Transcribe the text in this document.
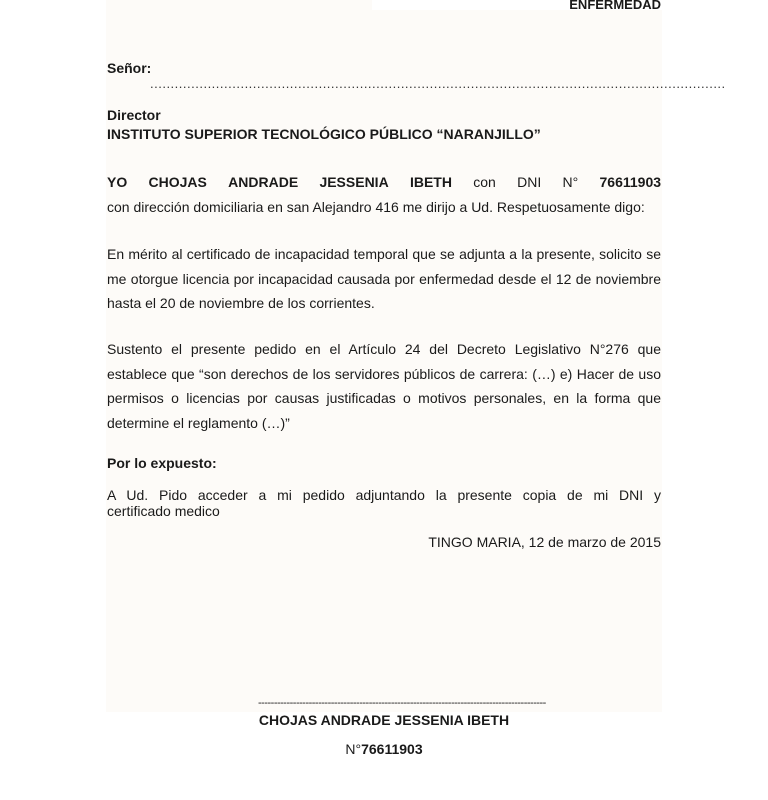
ENFERMEDAD
Señor:
............................................................................................................................................
Director
INSTITUTO SUPERIOR TECNOLÓGICO PÚBLICO “NARANJILLO”
YO CHOJAS ANDRADE JESSENIA IBETH con DNI N° 76611903
con dirección domiciliaria en san Alejandro 416 me dirijo a Ud. Respetuosamente digo:
En mérito al certificado de incapacidad temporal que se adjunta a la presente, solicito se me otorgue licencia por incapacidad causada por enfermedad desde el 12 de noviembre hasta el 20 de noviembre de los corrientes.
Sustento el presente pedido en el Artículo 24 del Decreto Legislativo N°276 que establece que “son derechos de los servidores públicos de carrera: (…) e) Hacer de uso permisos o licencias por causas justificadas o motivos personales, en la forma que determine el reglamento (…)”
Por lo expuesto:
A Ud. Pido acceder a mi pedido adjuntando la presente copia de mi DNI y
certificado medico
TINGO MARIA, 12 de marzo de 2015
-------------------------------------------------------------------------------------------
CHOJAS ANDRADE JESSENIA IBETH
N°76611903
